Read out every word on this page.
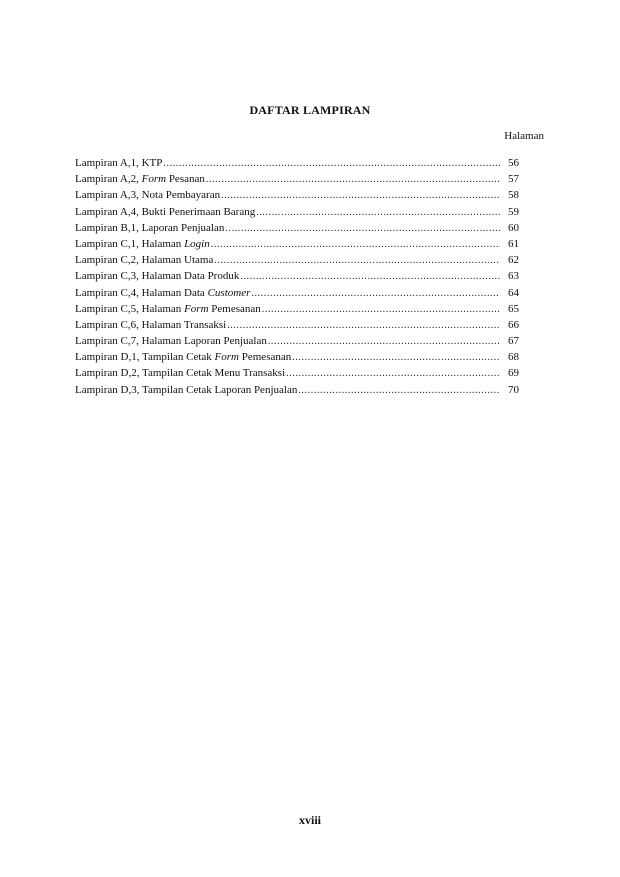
DAFTAR LAMPIRAN
Halaman
Lampiran A,1, KTP .....	56
Lampiran A,2, Form Pesanan .....	57
Lampiran A,3, Nota Pembayaran .....	58
Lampiran A,4, Bukti Penerimaan Barang .....	59
Lampiran B,1, Laporan Penjualan .....	60
Lampiran C,1, Halaman Login .....	61
Lampiran C,2, Halaman Utama .....	62
Lampiran C,3, Halaman Data Produk .....	63
Lampiran C,4, Halaman Data Customer .....	64
Lampiran C,5, Halaman Form Pemesanan .....	65
Lampiran C,6, Halaman Transaksi .....	66
Lampiran C,7, Halaman Laporan Penjualan .....	67
Lampiran D,1, Tampilan Cetak Form Pemesanan .....	68
Lampiran D,2, Tampilan Cetak Menu Transaksi .....	69
Lampiran D,3, Tampilan Cetak Laporan Penjualan .....	70
xviii
